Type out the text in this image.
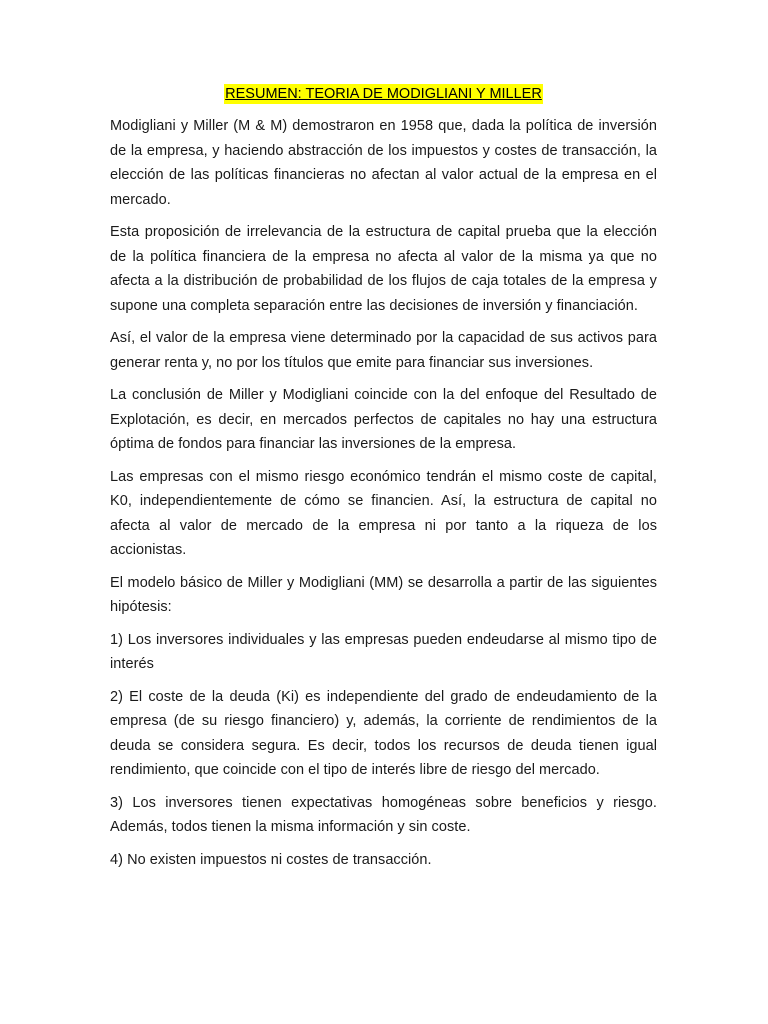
RESUMEN: TEORIA DE MODIGLIANI Y MILLER

Modigliani y Miller (M & M) demostraron en 1958 que, dada la política de inversión de la empresa, y haciendo abstracción de los impuestos y costes de transacción, la elección de las políticas financieras no afectan al valor actual de la empresa en el mercado.

Esta proposición de irrelevancia de la estructura de capital prueba que la elección de la política financiera de la empresa no afecta al valor de la misma ya que no afecta a la distribución de probabilidad de los flujos de caja totales de la empresa y supone una completa separación entre las decisiones de inversión y financiación.

Así, el valor de la empresa viene determinado por la capacidad de sus activos para generar renta y, no por los títulos que emite para financiar sus inversiones.

La conclusión de Miller y Modigliani coincide con la del enfoque del Resultado de Explotación, es decir, en mercados perfectos de capitales no hay una estructura óptima de fondos para financiar las inversiones de la empresa.

Las empresas con el mismo riesgo económico tendrán el mismo coste de capital, K0, independientemente de cómo se financien. Así, la estructura de capital no afecta al valor de mercado de la empresa ni por tanto a la riqueza de los accionistas.

El modelo básico de Miller y Modigliani (MM) se desarrolla a partir de las siguientes hipótesis:

1) Los inversores individuales y las empresas pueden endeudarse al mismo tipo de interés

2) El coste de la deuda (Ki) es independiente del grado de endeudamiento de la empresa (de su riesgo financiero) y, además, la corriente de rendimientos de la deuda se considera segura. Es decir, todos los recursos de deuda tienen igual rendimiento, que coincide con el tipo de interés libre de riesgo del mercado.

3) Los inversores tienen expectativas homogéneas sobre beneficios y riesgo. Además, todos tienen la misma información y sin coste.

4) No existen impuestos ni costes de transacción.
